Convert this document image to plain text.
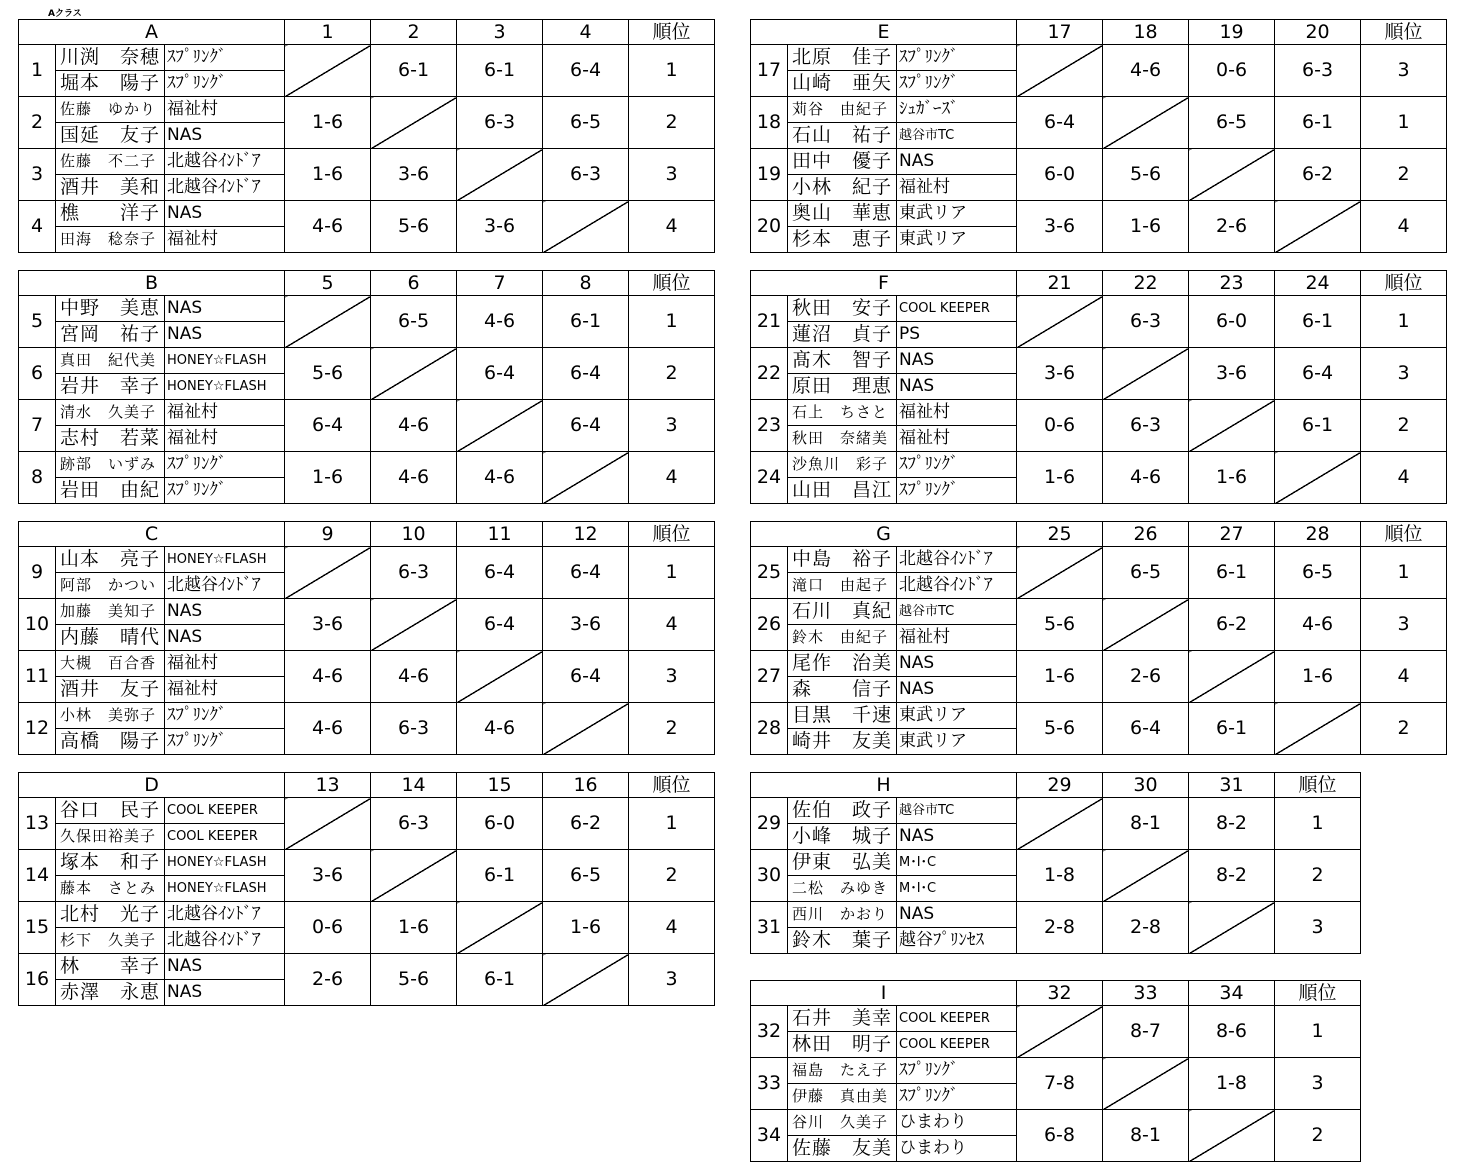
Aクラス
A			1	2	3	4	順位
1	川渕　奈穂	ｽﾌﾟﾘﾝｸﾞ		6-1	6-1	6-4	1
	堀本　陽子	ｽﾌﾟﾘﾝｸﾞ					
2	佐藤　ゆかり	福祉村	1-6		6-3	6-5	2
	国延　友子	NAS					
3	佐藤　不二子	北越谷ｲﾝﾄﾞｱ	1-6	3-6		6-3	3
	酒井　美和	北越谷ｲﾝﾄﾞｱ					
4	樵　　洋子	NAS	4-6	5-6	3-6		4
	田海　稔奈子	福祉村					
B			5	6	7	8	順位
5	中野　美恵	NAS		6-5	4-6	6-1	1
	宮岡　祐子	NAS					
6	真田　紀代美	HONEY☆FLASH	5-6		6-4	6-4	2
	岩井　幸子	HONEY☆FLASH					
7	清水　久美子	福祉村	6-4	4-6		6-4	3
	志村　若菜	福祉村					
8	跡部　いずみ	ｽﾌﾟﾘﾝｸﾞ	1-6	4-6	4-6		4
	岩田　由紀	ｽﾌﾟﾘﾝｸﾞ					
C			9	10	11	12	順位
9	山本　亮子	HONEY☆FLASH		6-3	6-4	6-4	1
	阿部　かつい	北越谷ｲﾝﾄﾞｱ					
10	加藤　美知子	NAS	3-6		6-4	3-6	4
	内藤　晴代	NAS					
11	大槻　百合香	福祉村	4-6	4-6		6-4	3
	酒井　友子	福祉村					
12	小林　美弥子	ｽﾌﾟﾘﾝｸﾞ	4-6	6-3	4-6		2
	高橋　陽子	ｽﾌﾟﾘﾝｸﾞ					
D			13	14	15	16	順位
13	谷口　民子	COOL KEEPER		6-3	6-0	6-2	1
	久保田裕美子	COOL KEEPER					
14	塚本　和子	HONEY☆FLASH	3-6		6-1	6-5	2
	藤本　さとみ	HONEY☆FLASH					
15	北村　光子	北越谷ｲﾝﾄﾞｱ	0-6	1-6		1-6	4
	杉下　久美子	北越谷ｲﾝﾄﾞｱ					
16	林　　幸子	NAS	2-6	5-6	6-1		3
	赤澤　永恵	NAS					
E			17	18	19	20	順位
17	北原　佳子	ｽﾌﾟﾘﾝｸﾞ		4-6	0-6	6-3	3
	山崎　亜矢	ｽﾌﾟﾘﾝｸﾞ					
18	苅谷　由紀子	ｼｭｶﾞｰｽﾞ	6-4		6-5	6-1	1
	石山　祐子	越谷市TC					
19	田中　優子	NAS	6-0	5-6		6-2	2
	小林　紀子	福祉村					
20	奥山　華恵	東武リア	3-6	1-6	2-6		4
	杉本　恵子	東武リア					
F			21	22	23	24	順位
21	秋田　安子	COOL KEEPER		6-3	6-0	6-1	1
	蓮沼　貞子	PS					
22	髙木　智子	NAS	3-6		3-6	6-4	3
	原田　理恵	NAS					
23	石上　ちさと	福祉村	0-6	6-3		6-1	2
	秋田　奈緒美	福祉村					
24	沙魚川　彩子	ｽﾌﾟﾘﾝｸﾞ	1-6	4-6	1-6		4
	山田　昌江	ｽﾌﾟﾘﾝｸﾞ					
G			25	26	27	28	順位
25	中島　裕子	北越谷ｲﾝﾄﾞｱ		6-5	6-1	6-5	1
	滝口　由起子	北越谷ｲﾝﾄﾞｱ					
26	石川　真紀	越谷市TC	5-6		6-2	4-6	3
	鈴木　由紀子	福祉村					
27	尾作　治美	NAS	1-6	2-6		1-6	4
	森　　信子	NAS					
28	目黒　千速	東武リア	5-6	6-4	6-1		2
	崎井　友美	東武リア					
H			29	30	31	順位
29	佐伯　政子	越谷市TC		8-1	8-2	1
	小峰　城子	NAS				
30	伊東　弘美	M･I･C	1-8		8-2	2
	二松　みゆき	M･I･C				
31	西川　かおり	NAS	2-8	2-8		3
	鈴木　葉子	越谷ﾌﾟﾘﾝｾｽ				
I			32	33	34	順位
32	石井　美幸	COOL KEEPER		8-7	8-6	1
	林田　明子	COOL KEEPER				
33	福島　たえ子	ｽﾌﾟﾘﾝｸﾞ	7-8		1-8	3
	伊藤　真由美	ｽﾌﾟﾘﾝｸﾞ				
34	谷川　久美子	ひまわり	6-8	8-1		2
	佐藤　友美	ひまわり				
